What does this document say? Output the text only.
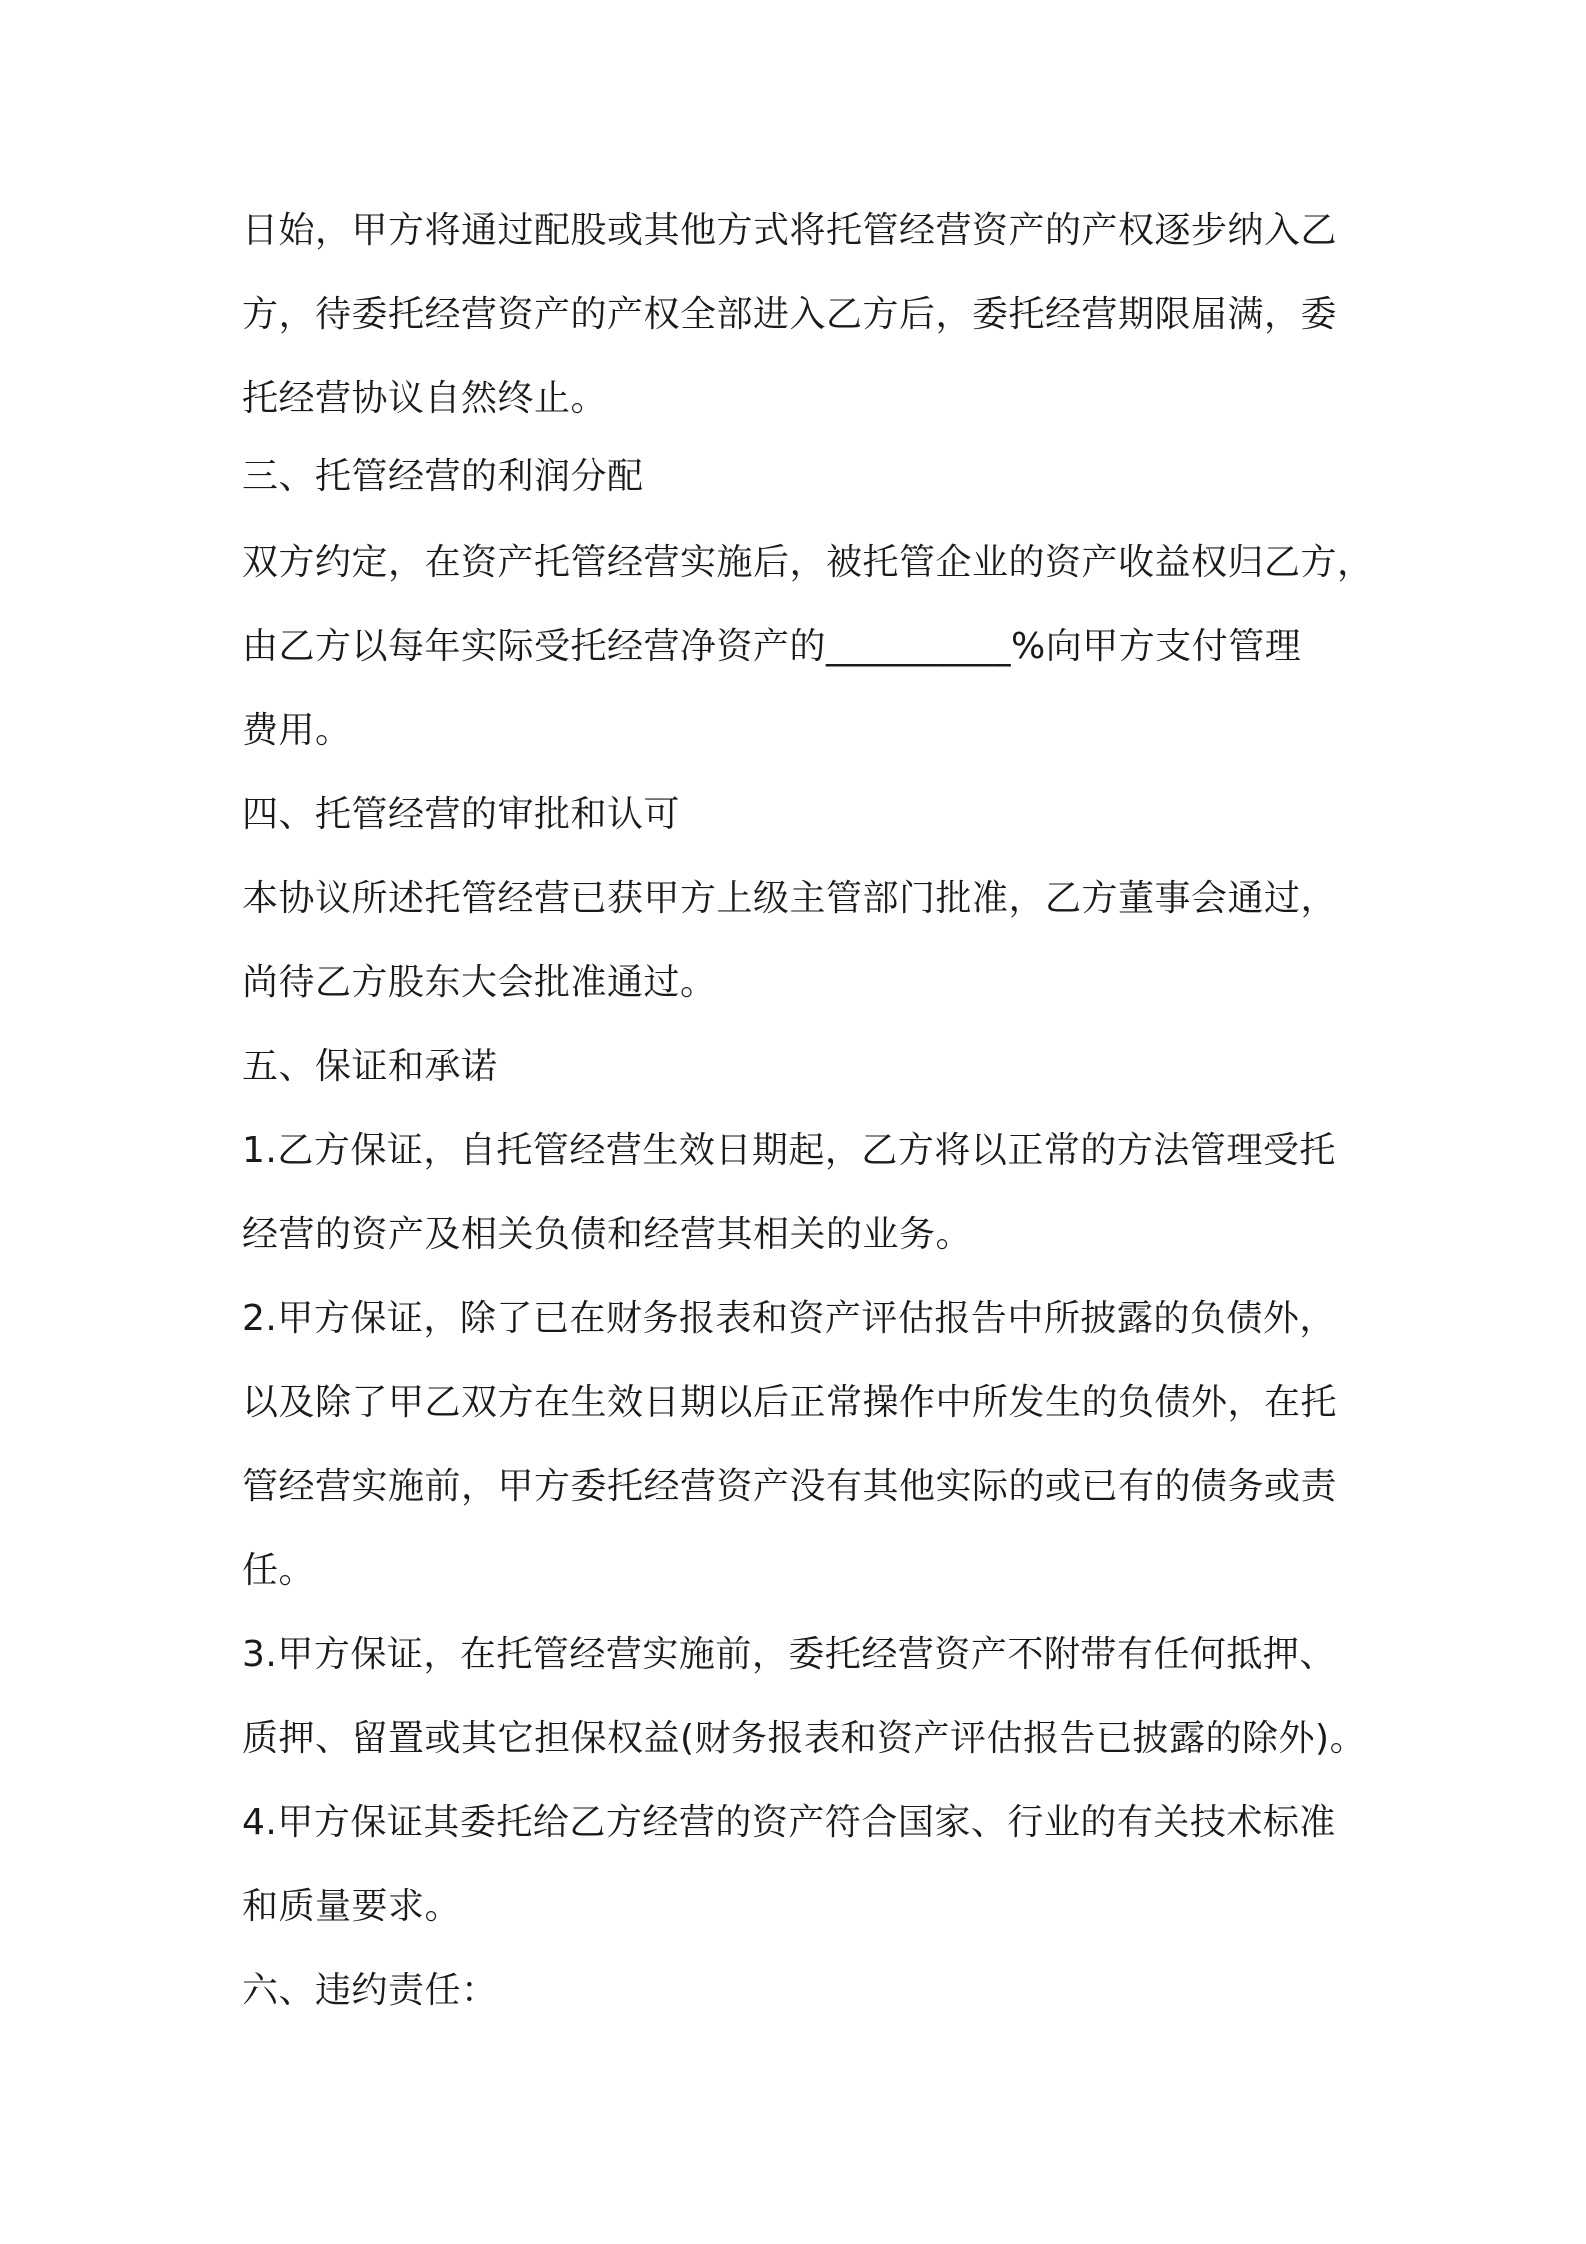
日始，甲方将通过配股或其他方式将托管经营资产的产权逐步纳入乙
方，待委托经营资产的产权全部进入乙方后，委托经营期限届满，委
托经营协议自然终止。
三、托管经营的利润分配
双方约定，在资产托管经营实施后，被托管企业的资产收益权归乙方，
由乙方以每年实际受托经营净资产的__________%向甲方支付管理
费用。
四、托管经营的审批和认可
本协议所述托管经营已获甲方上级主管部门批准，乙方董事会通过，
尚待乙方股东大会批准通过。
五、保证和承诺
1.乙方保证，自托管经营生效日期起，乙方将以正常的方法管理受托
经营的资产及相关负债和经营其相关的业务。
2.甲方保证，除了已在财务报表和资产评估报告中所披露的负债外，
以及除了甲乙双方在生效日期以后正常操作中所发生的负债外，在托
管经营实施前，甲方委托经营资产没有其他实际的或已有的债务或责
任。
3.甲方保证，在托管经营实施前，委托经营资产不附带有任何抵押、
质押、留置或其它担保权益(财务报表和资产评估报告已披露的除外)。
4.甲方保证其委托给乙方经营的资产符合国家、行业的有关技术标准
和质量要求。
六、违约责任：
